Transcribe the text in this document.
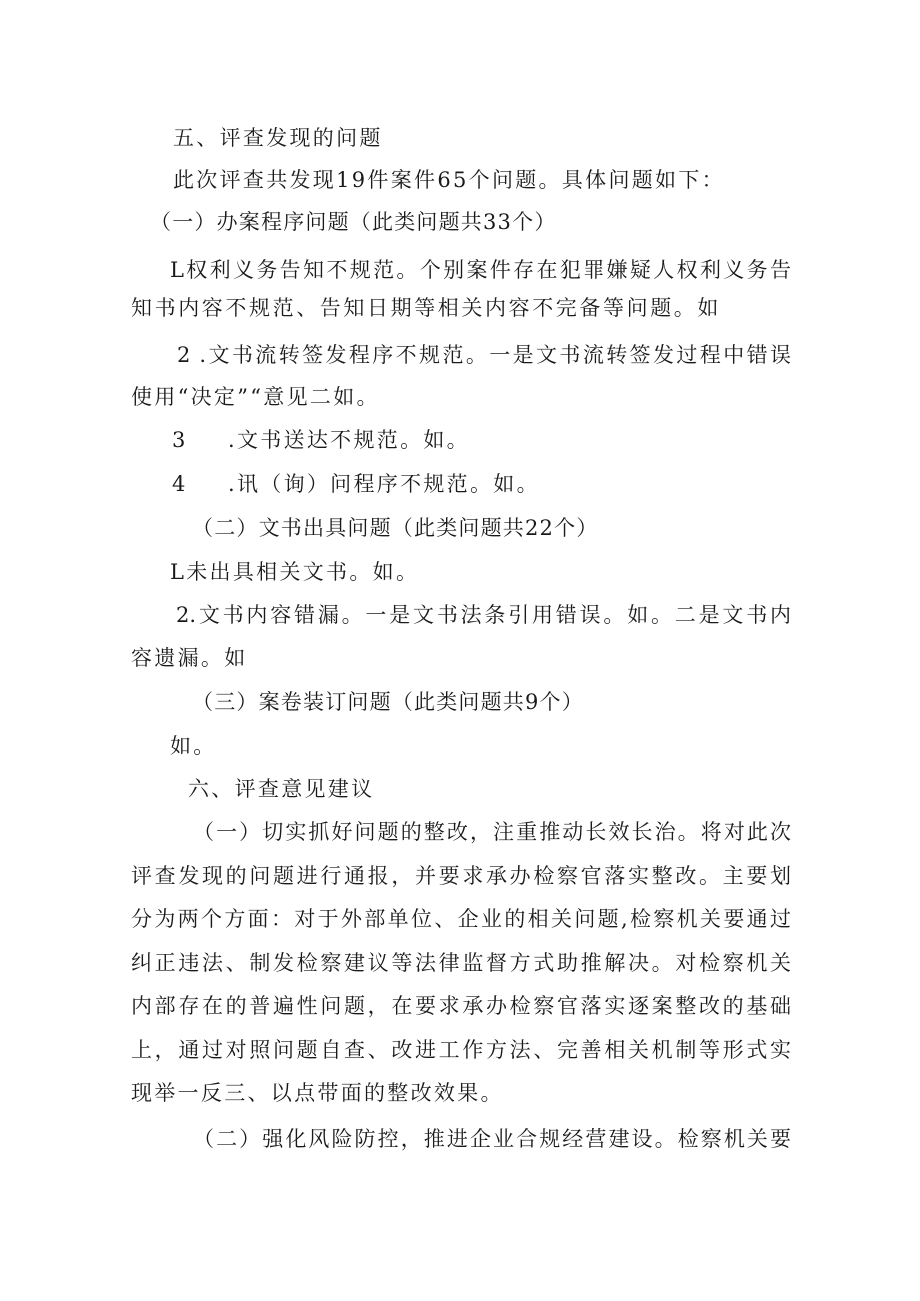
五、评查发现的问题
此次评查共发现19件案件65个问题。具体问题如下：
（一）办案程序问题（此类问题共33个）
L权利义务告知不规范。个别案件存在犯罪嫌疑人权利义务告
知书内容不规范、告知日期等相关内容不完备等问题。如
2 .文书流转签发程序不规范。一是文书流转签发过程中错误
使用“决定”“意见二如。
3 .文书送达不规范。如。
4 .讯（询）问程序不规范。如。
（二）文书出具问题（此类问题共22个）
L未出具相关文书。如。
2.文书内容错漏。一是文书法条引用错误。如。二是文书内
容遗漏。如
（三）案卷装订问题（此类问题共9个）
如。
六、评查意见建议
（一）切实抓好问题的整改，注重推动长效长治。将对此次
评查发现的问题进行通报，并要求承办检察官落实整改。主要划
分为两个方面：对于外部单位、企业的相关问题,检察机关要通过
纠正违法、制发检察建议等法律监督方式助推解决。对检察机关
内部存在的普遍性问题，在要求承办检察官落实逐案整改的基础
上，通过对照问题自查、改进工作方法、完善相关机制等形式实
现举一反三、以点带面的整改效果。
（二）强化风险防控，推进企业合规经营建设。检察机关要
